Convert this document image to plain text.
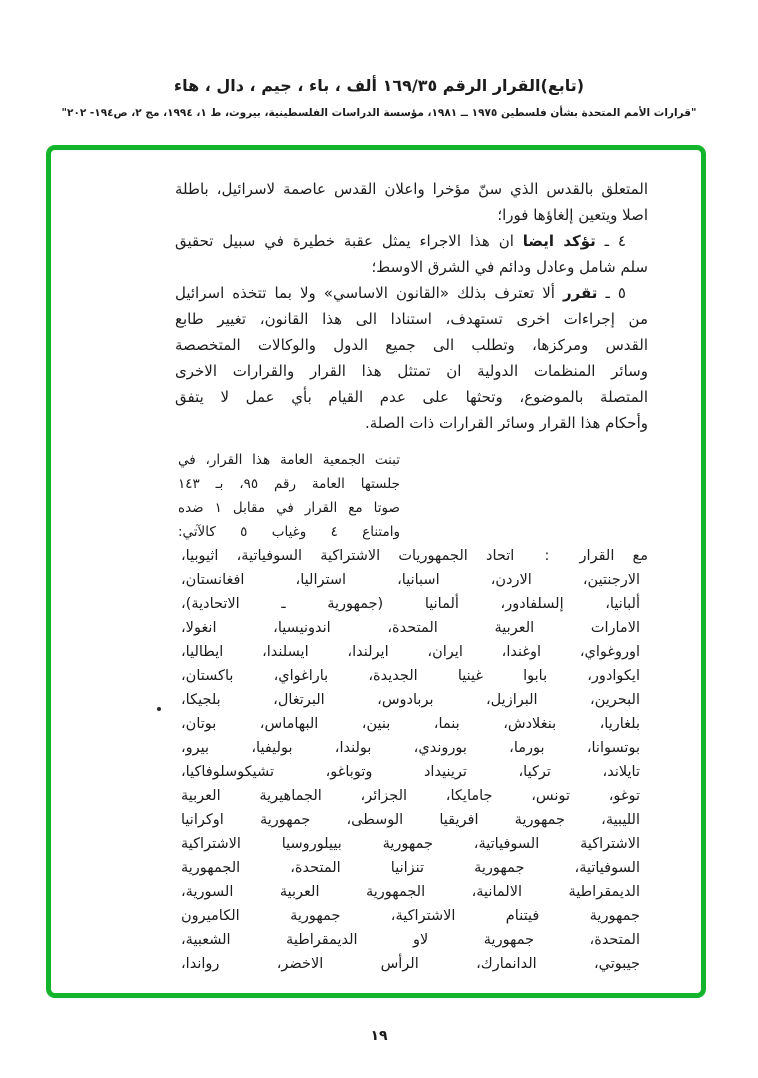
(تابع)القرار الرقم ١٦٩/٣٥ ألف ، باء ، جيم ، دال ، هاء
"قرارات الأمم المتحدة بشأن فلسطين ١٩٧٥ ــ ١٩٨١، مؤسسة الدراسات الفلسطينية، بيروت، ط ١، ١٩٩٤، مج ٢، ص١٩٤- ٢٠٢"
المتعلق بالقدس الذي سنّ مؤخرا واعلان القدس عاصمة لاسرائيل، باطلة
اصلا ويتعين إلغاؤها فورا؛
٤ ـ تؤكد ايضا ان هذا الاجراء يمثل عقبة خطيرة في سبيل تحقيق
سلم شامل وعادل ودائم في الشرق الاوسط؛
٥ ـ تقرر ألا تعترف بذلك «القانون الاساسي» ولا بما تتخذه اسرائيل
من إجراءات اخرى تستهدف، استنادا الى هذا القانون، تغيير طابع
القدس ومركزها، وتطلب الى جميع الدول والوكالات المتخصصة
وسائر المنظمات الدولية ان تمتثل هذا القرار والقرارات الاخرى
المتصلة بالموضوع، وتحثها على عدم القيام بأي عمل لا يتفق
وأحكام هذا القرار وسائر القرارات ذات الصلة.
تبنت الجمعية العامة هذا القرار، في
جلستها العامة رقم ٩٥، بـ ١٤٣
صوتا مع القرار في مقابل ١ ضده
وامتناع ٤ وغياب ٥ كالآتي:
مع القرار : اتحاد الجمهوريات الاشتراكية السوفياتية، اثيوبيا،
الارجنتين، الاردن، اسبانيا، استراليا، افغانستان،
ألبانيا، إلسلفادور، ألمانيا (جمهورية ـ الاتحادية)،
الامارات العربية المتحدة، اندونيسيا، انغولا،
اوروغواي، اوغندا، ايران، ايرلندا، ايسلندا، ايطاليا،
ايكوادور، بابوا غينيا الجديدة، باراغواي، باكستان،
البحرين، البرازيل، بربادوس، البرتغال، بلجيكا،
بلغاريا، بنغلادش، بنما، بنين، البهاماس، بوتان،
بوتسوانا، بورما، بوروندي، بولندا، بوليفيا، بيرو،
تايلاند، تركيا، ترينيداد وتوباغو، تشيكوسلوفاكيا،
توغو، تونس، جامايكا، الجزائر، الجماهيرية العربية
الليبية، جمهورية افريقيا الوسطى، جمهورية اوكرانيا
الاشتراكية السوفياتية، جمهورية بييلوروسيا الاشتراكية
السوفياتية، جمهورية تنزانيا المتحدة، الجمهورية
الديمقراطية الالمانية، الجمهورية العربية السورية،
جمهورية فيتنام الاشتراكية، جمهورية الكاميرون
المتحدة، جمهورية لاو الديمقراطية الشعبية،
جيبوتي، الدانمارك، الرأس الاخضر، رواندا،
١٩
